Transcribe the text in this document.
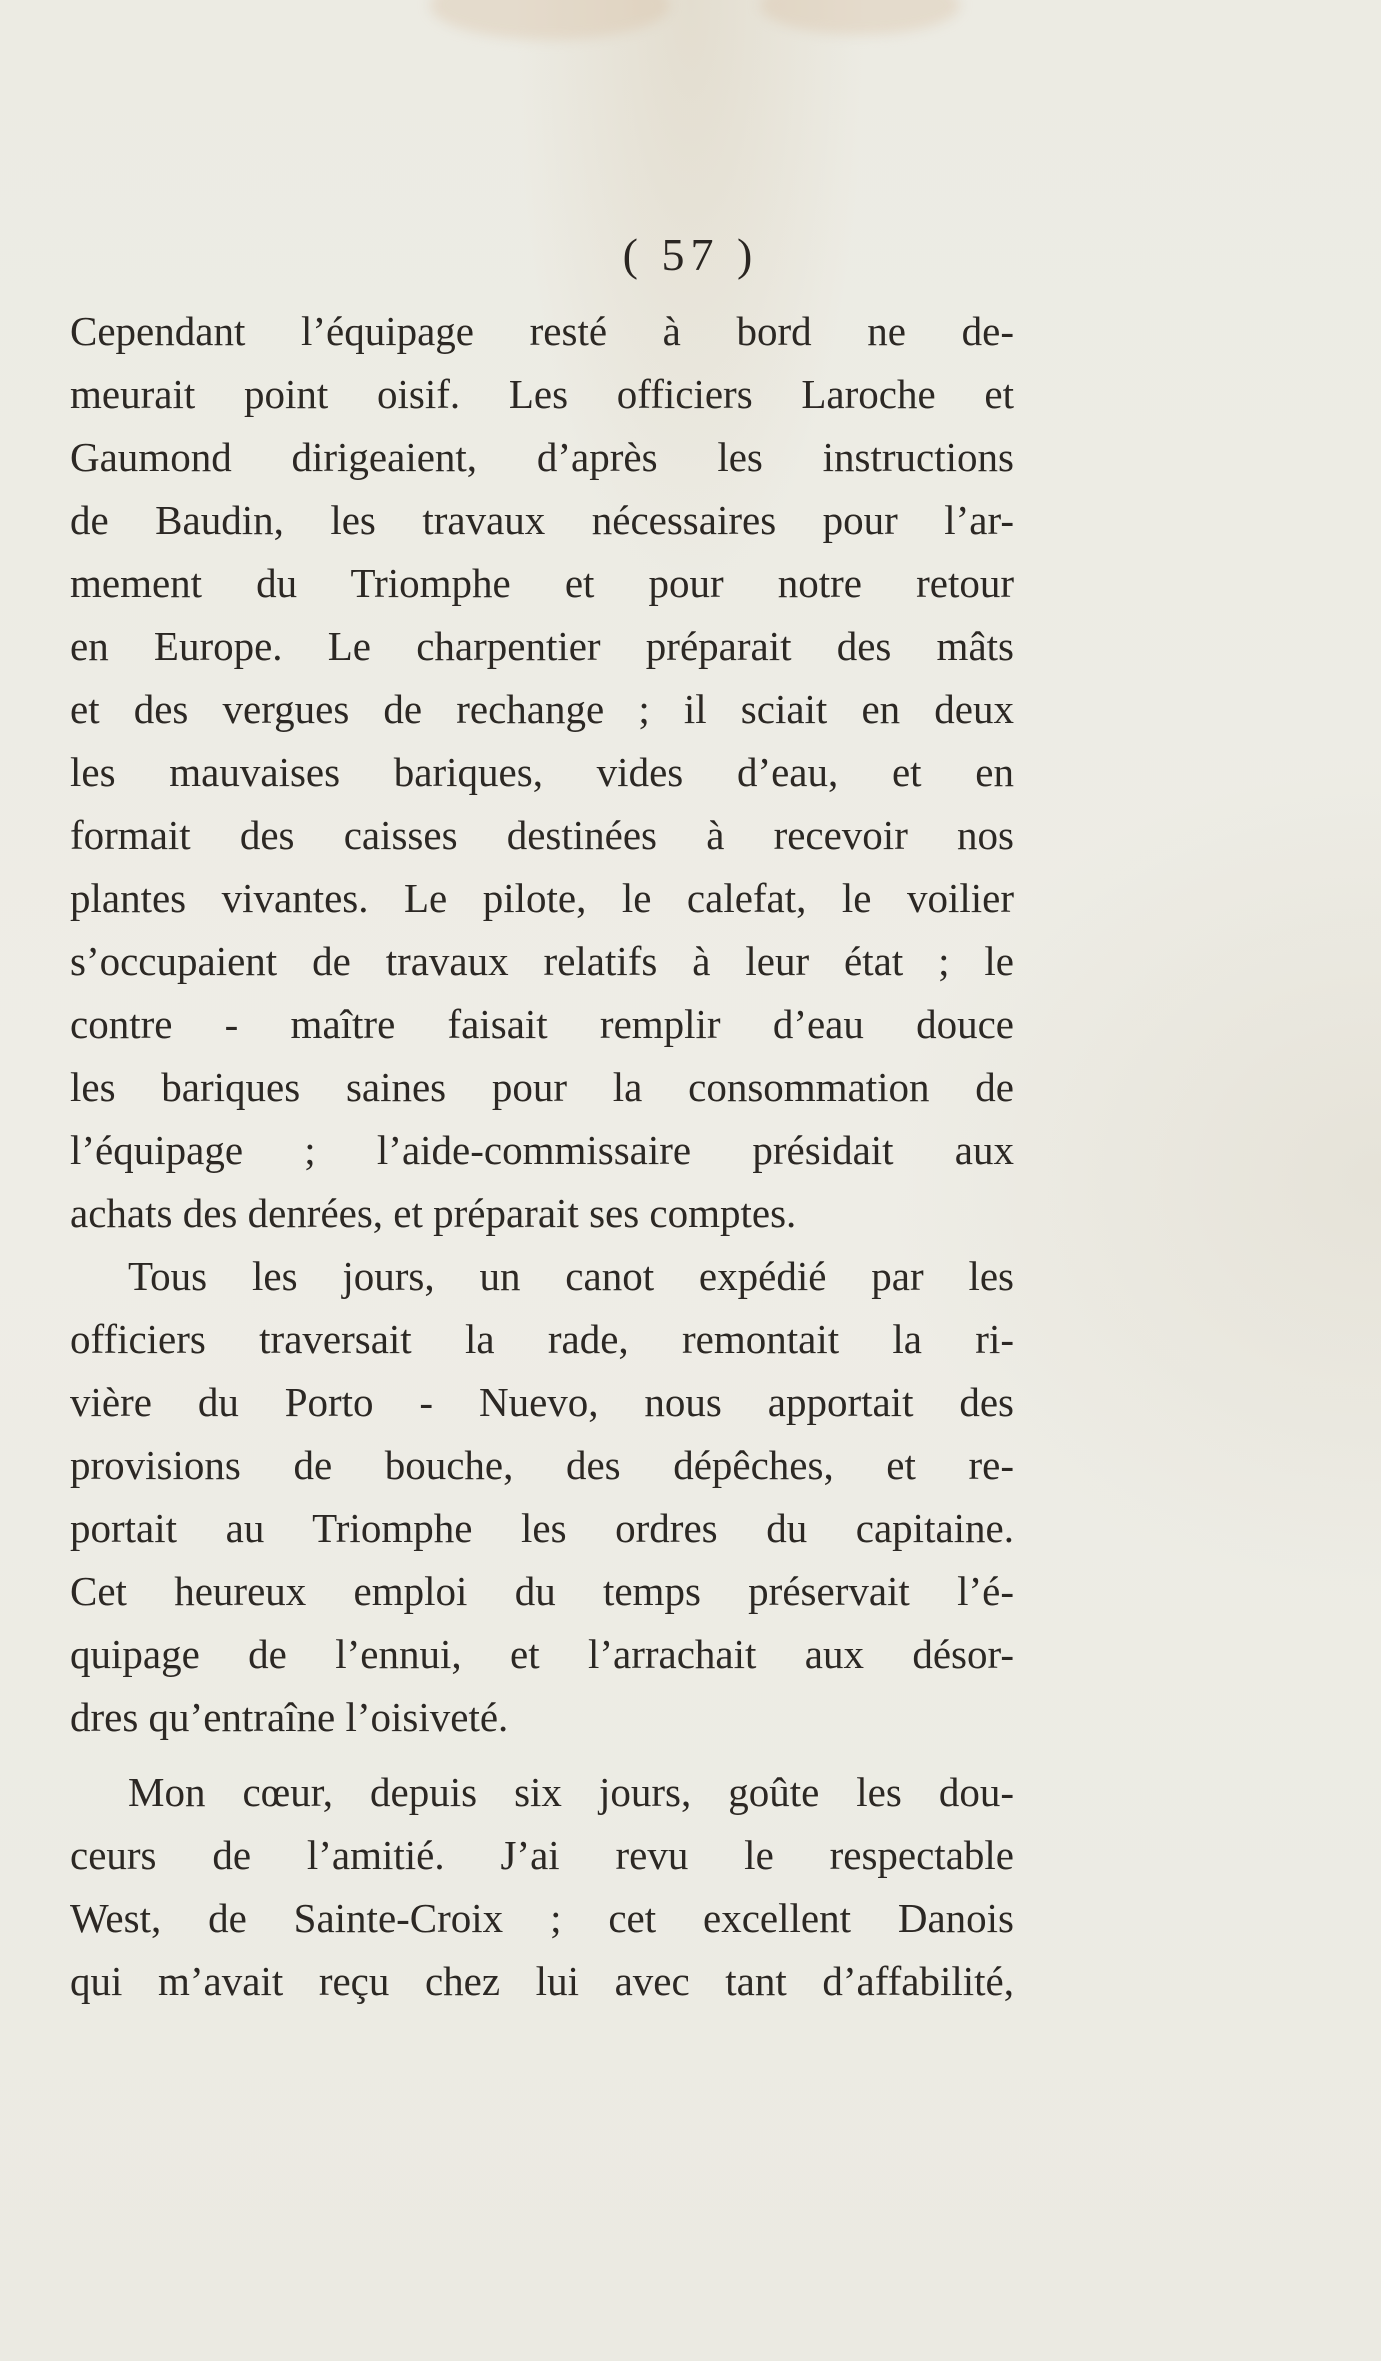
( 57 )
Cependant l’équipage resté à bord ne de-
meurait point oisif. Les officiers Laroche et
Gaumond dirigeaient, d’après les instructions
de Baudin, les travaux nécessaires pour l’ar-
mement du Triomphe et pour notre retour
en Europe. Le charpentier préparait des mâts
et des vergues de rechange ; il sciait en deux
les mauvaises bariques, vides d’eau, et en
formait des caisses destinées à recevoir nos
plantes vivantes. Le pilote, le calefat, le voilier
s’occupaient de travaux relatifs à leur état ; le
contre - maître faisait remplir d’eau douce
les bariques saines pour la consommation de
l’équipage ; l’aide-commissaire présidait aux
achats des denrées, et préparait ses comptes.
Tous les jours, un canot expédié par les
officiers traversait la rade, remontait la ri-
vière du Porto - Nuevo, nous apportait des
provisions de bouche, des dépêches, et re-
portait au Triomphe les ordres du capitaine.
Cet heureux emploi du temps préservait l’é-
quipage de l’ennui, et l’arrachait aux désor-
dres qu’entraîne l’oisiveté.
Mon cœur, depuis six jours, goûte les dou-
ceurs de l’amitié. J’ai revu le respectable
West, de Sainte-Croix ; cet excellent Danois
qui m’avait reçu chez lui avec tant d’affabilité,
